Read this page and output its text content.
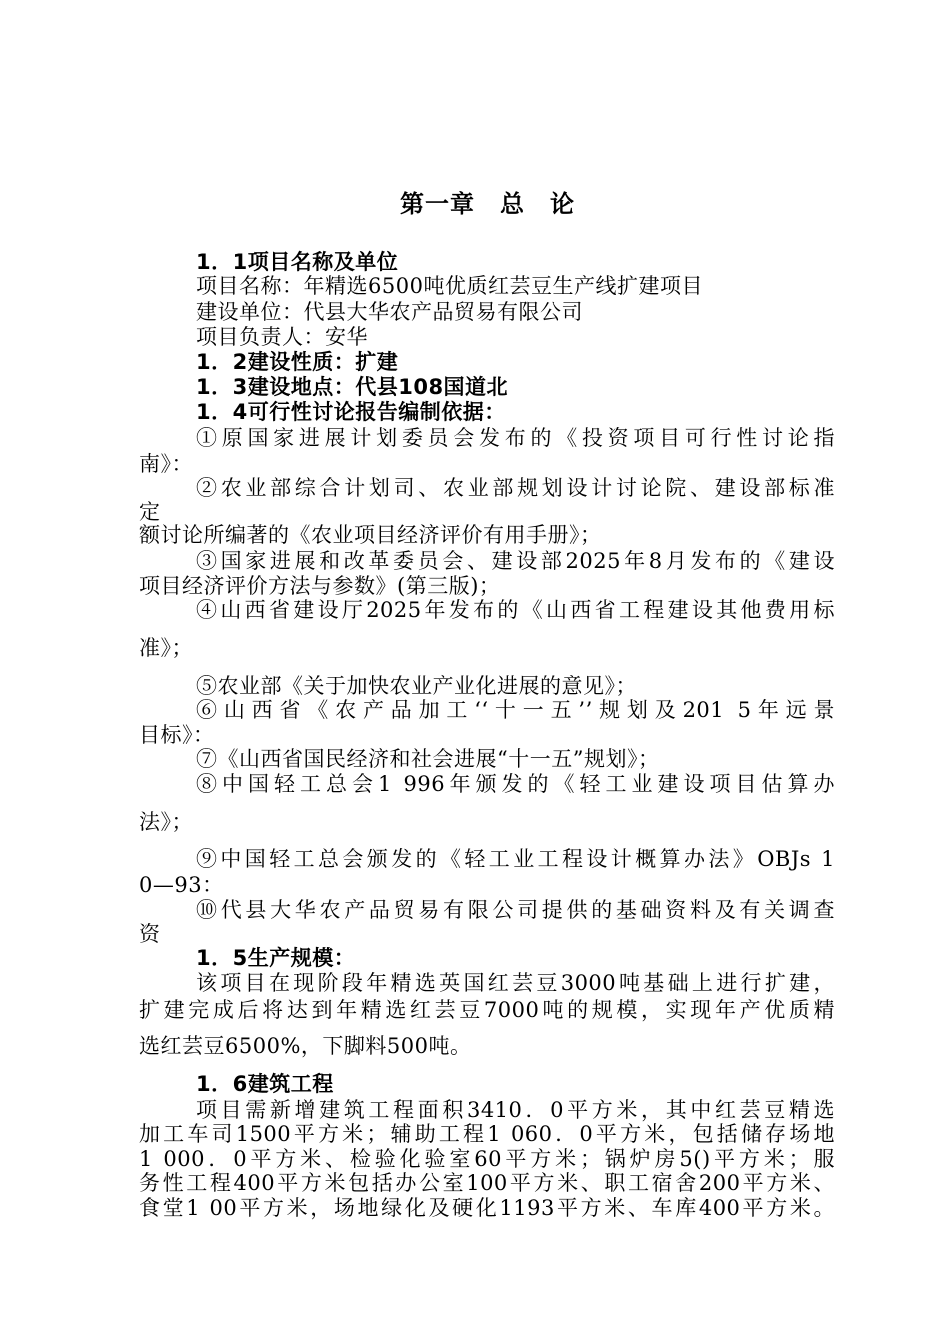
第一章　总　论
1．1项目名称及单位
项目名称：年精选6500吨优质红芸豆生产线扩建项目
建设单位：代县大华农产品贸易有限公司
项目负责人：安华
1．2建设性质：扩建
1．3建设地点：代县108国道北
1．4可行性讨论报告编制依据：
①原国家进展计划委员会发布的《投资项目可行性讨论指
南》：
②农业部综合计划司、农业部规划设计讨论院、建设部标准
定
额讨论所编著的《农业项目经济评价有用手册》；
③国家进展和改革委员会、建设部2025年8月发布的《建设
项目经济评价方法与参数》(第三版)；
④山西省建设厅2025年发布的《山西省工程建设其他费用标
准》；
⑤农业部《关于加快农业产业化进展的意见》；
⑥山西省《农产品加工‘‘十一五’’规划及201 5年远景
目标》：
⑦《山西省国民经济和社会进展“十一五”规划》；
⑧中国轻工总会1 996年颁发的《轻工业建设项目估算办
法》；
⑨中国轻工总会颁发的《轻工业工程设计概算办法》OBJs 1
0—93：
⑩代县大华农产品贸易有限公司提供的基础资料及有关调查
资
1．5生产规模：
该项目在现阶段年精选英国红芸豆3000吨基础上进行扩建，
扩建完成后将达到年精选红芸豆7000吨的规模，实现年产优质精
选红芸豆6500%，下脚料500吨。
1．6建筑工程
项目需新增建筑工程面积3410．0平方米，其中红芸豆精选
加工车司1500平方米；辅助工程1 060．0平方米，包括储存场地
1 000．0平方米、检验化验室60平方米；锅炉房5()平方米；服
务性工程400平方米包括办公室100平方米、职工宿舍200平方米、
食堂1 00平方米，场地绿化及硬化1193平方米、车库400平方米。
